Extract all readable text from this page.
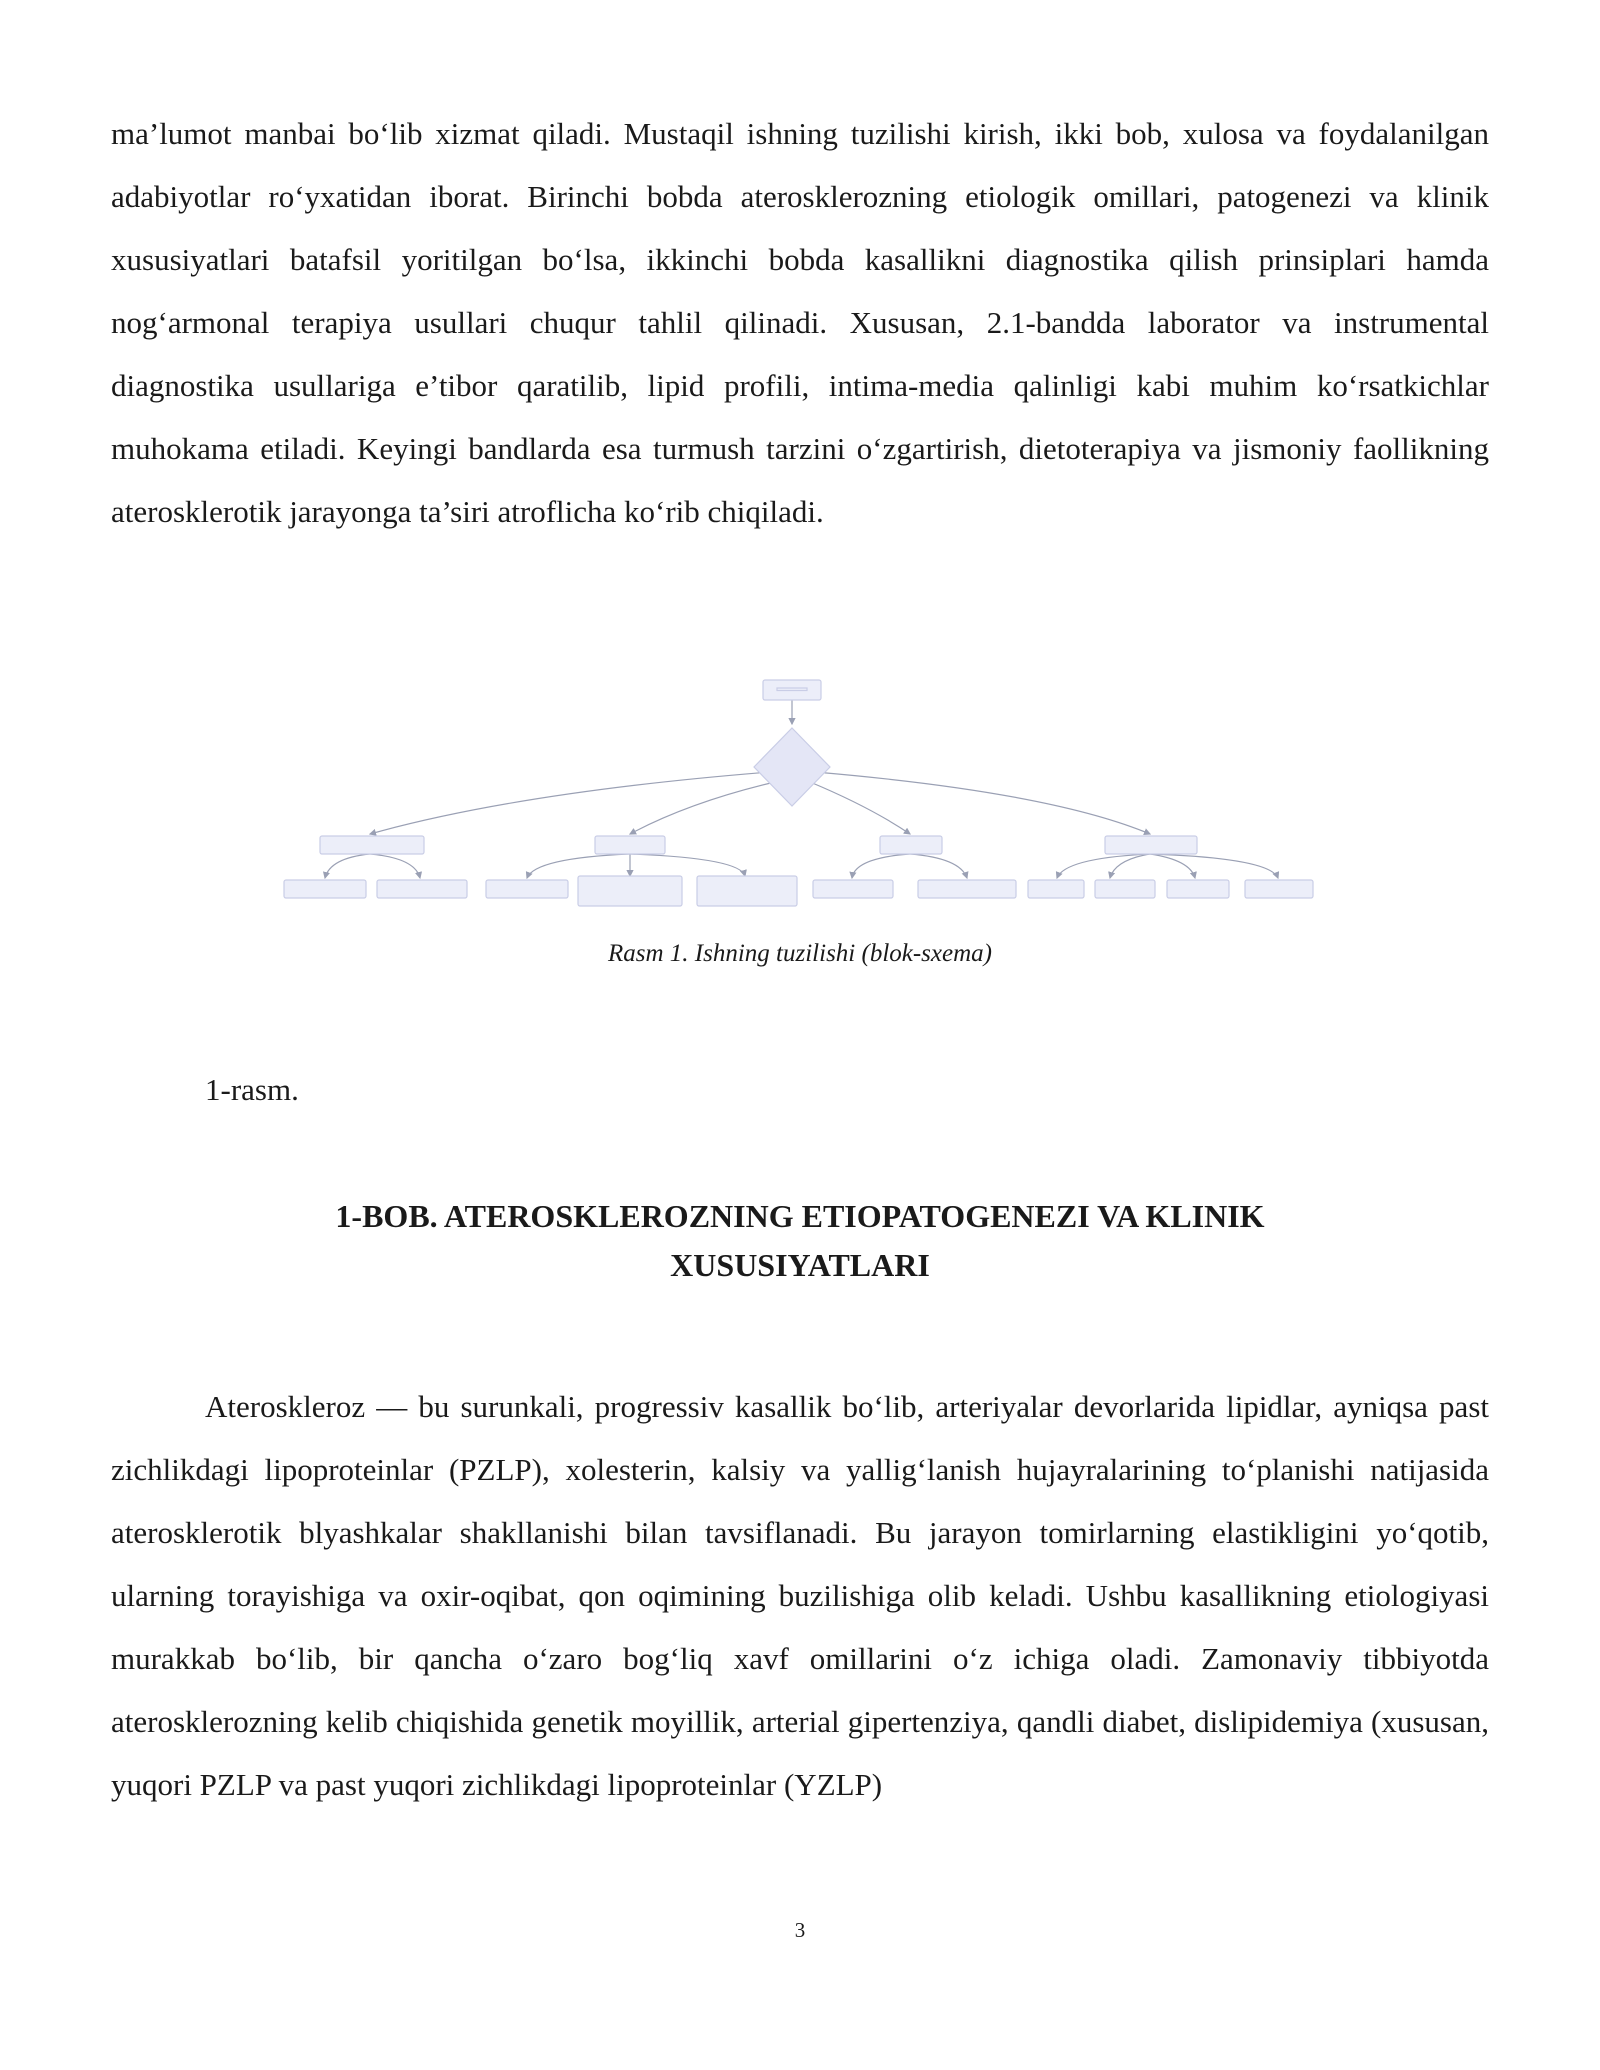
ma’lumot manbai bo‘lib xizmat qiladi. Mustaqil ishning tuzilishi kirish, ikki bob, xulosa va foydalanilgan adabiyotlar ro‘yxatidan iborat. Birinchi bobda aterosklerozning etiologik omillari, patogenezi va klinik xususiyatlari batafsil yoritilgan bo‘lsa, ikkinchi bobda kasallikni diagnostika qilish prinsiplari hamda nog‘armonal terapiya usullari chuqur tahlil qilinadi. Xususan, 2.1-bandda laborator va instrumental diagnostika usullariga e’tibor qaratilib, lipid profili, intima-media qalinligi kabi muhim ko‘rsatkichlar muhokama etiladi. Keyingi bandlarda esa turmush tarzini o‘zgartirish, dietoterapiya va jismoniy faollikning aterosklerotik jarayonga ta’siri atroflicha ko‘rib chiqiladi.

Rasm 1. Ishning tuzilishi (blok-sxema)

1-rasm.

1-BOB. ATEROSKLEROZNING ETIOPATOGENEZI VA KLINIK
XUSUSIYATLARI

Ateroskleroz — bu surunkali, progressiv kasallik bo‘lib, arteriyalar devorlarida lipidlar, ayniqsa past zichlikdagi lipoproteinlar (PZLP), xolesterin, kalsiy va yallig‘lanish hujayralarining to‘planishi natijasida aterosklerotik blyashkalar shakllanishi bilan tavsiflanadi. Bu jarayon tomirlarning elastikligini yo‘qotib, ularning torayishiga va oxir-oqibat, qon oqimining buzilishiga olib keladi. Ushbu kasallikning etiologiyasi murakkab bo‘lib, bir qancha o‘zaro bog‘liq xavf omillarini o‘z ichiga oladi. Zamonaviy tibbiyotda aterosklerozning kelib chiqishida genetik moyillik, arterial gipertenziya, qandli diabet, dislipidemiya (xususan, yuqori PZLP va past yuqori zichlikdagi lipoproteinlar (YZLP)

3
